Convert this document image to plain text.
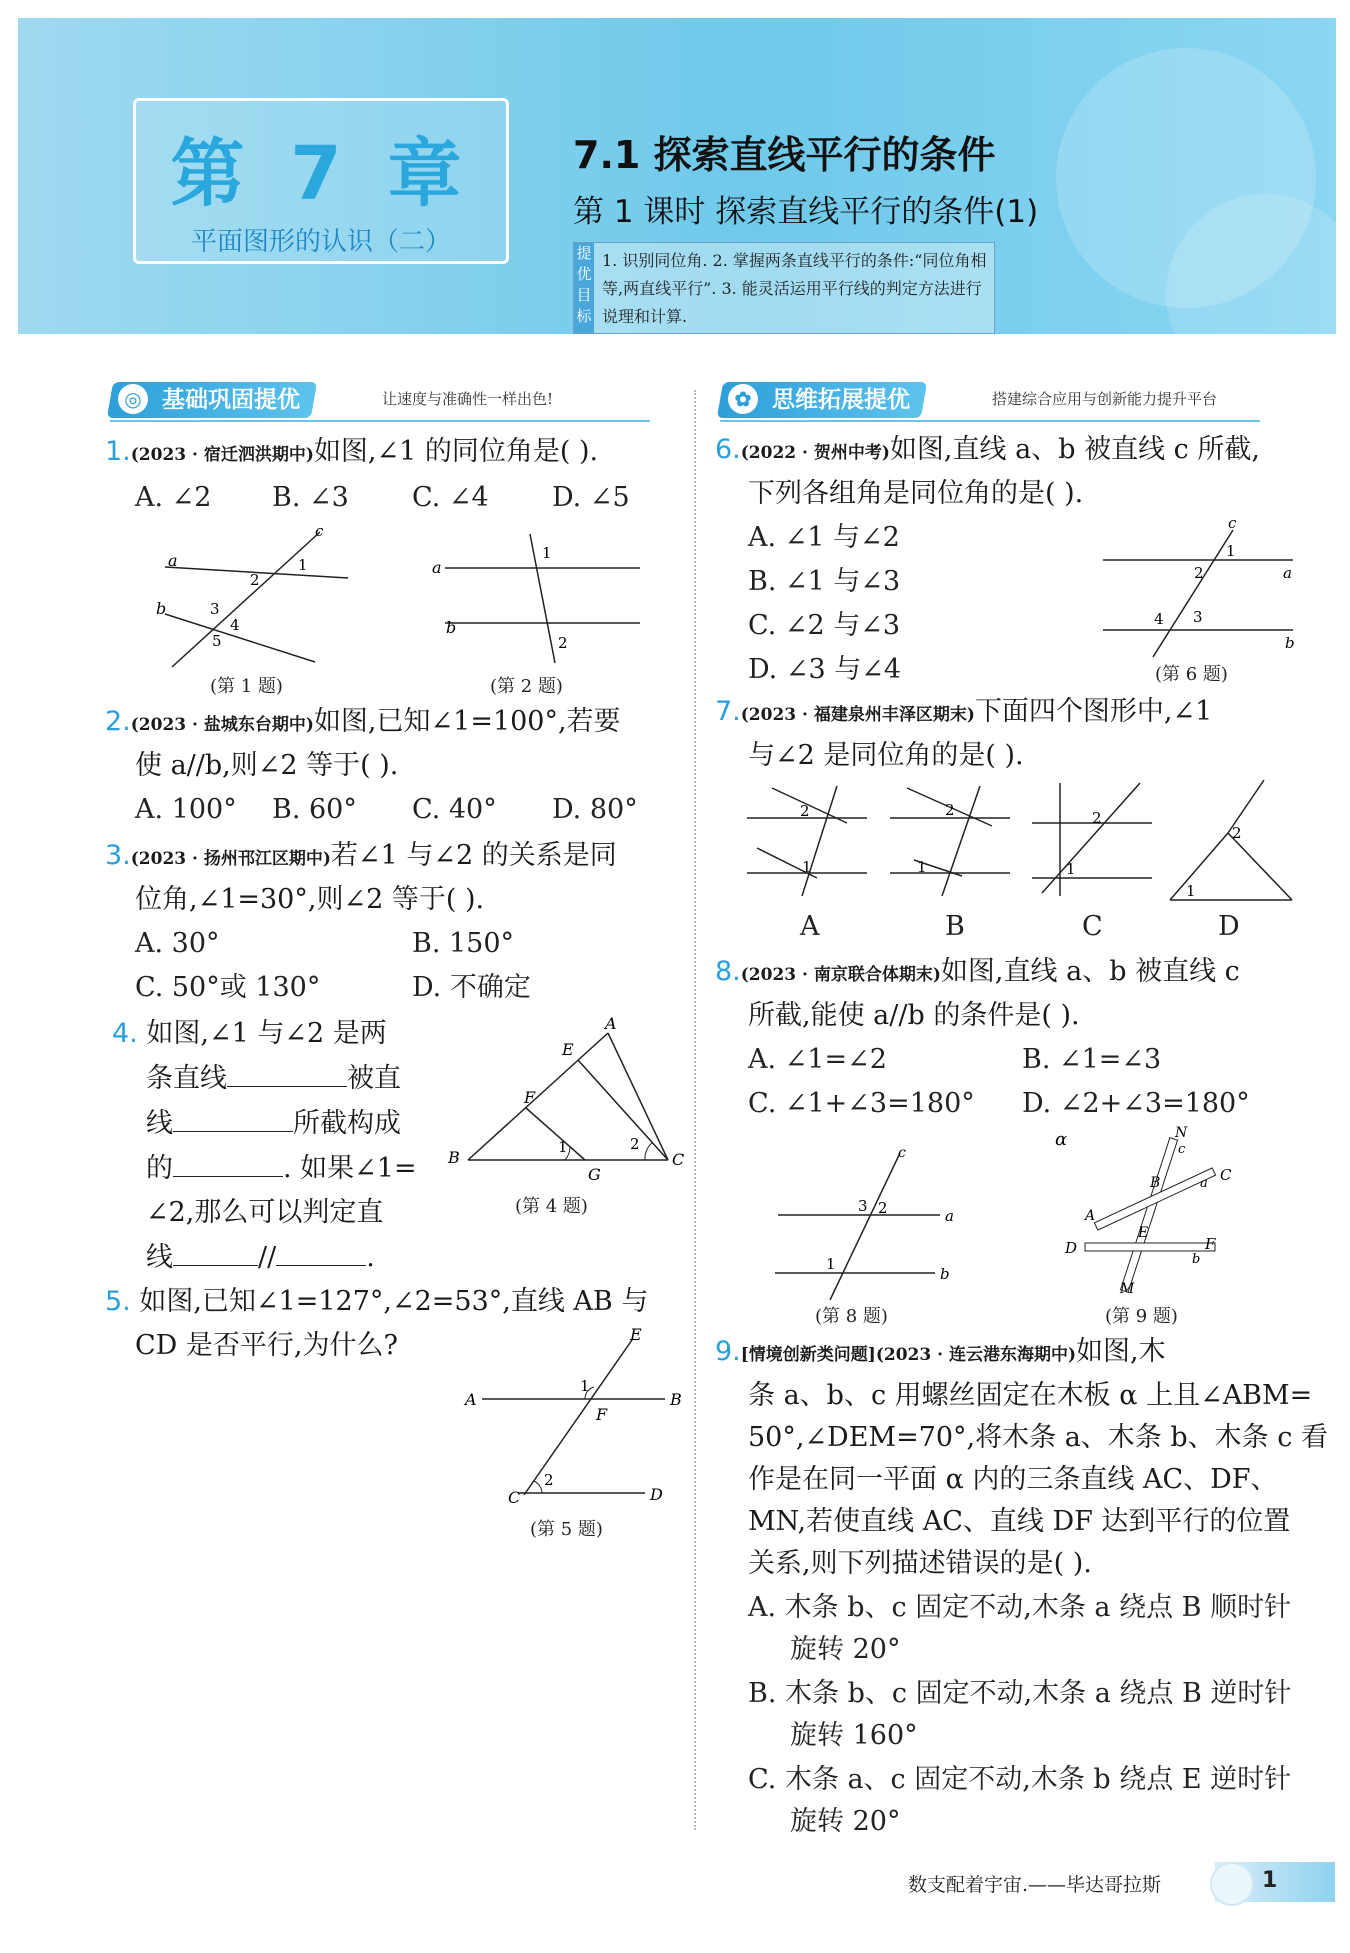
第 7 章
平面图形的认识（二）
7.1 探索直线平行的条件
第 1 课时 探索直线平行的条件(1)
提优目标
1. 识别同位角. 2. 掌握两条直线平行的条件:“同位角相等,两直线平行”. 3. 能灵活运用平行线的判定方法进行说理和计算.
基础巩固提优
◎	让速度与准确性一样出色!	思维拓展提优
✿	搭建综合应用与创新能力提升平台
1.(2023 · 宿迁泗洪期中)如图,∠1 的同位角是( ).
A. ∠2 B. ∠3 C. ∠4 D. ∠5
a
b
c
1
2
3
4
5
(第 1 题)
a
b
1
2
(第 2 题)
2.(2023 · 盐城东台期中)如图,已知∠1=100°,若要
使 a//b,则∠2 等于( ).
A. 100° B. 60° C. 40° D. 80°
3.(2023 · 扬州邗江区期中)若∠1 与∠2 的关系是同
位角,∠1=30°,则∠2 等于( ).
A. 30°	B. 150°
C. 50°或 130°	D. 不确定
4. 如图,∠1 与∠2 是两
条直线	被直
线	所截构成
的	. 如果∠1=
∠2,那么可以判定直
线	//	.
A
E
F
B	C
G
1	2
(第 4 题)
5. 如图,已知∠1=127°,∠2=53°,直线 AB 与
CD 是否平行,为什么?	E
A	B
F
1
C	D
2
(第 5 题)
6.(2022 · 贺州中考)如图,直线 a、b 被直线 c 所截,
下列各组角是同位角的是( ).
A. ∠1 与∠2
B. ∠1 与∠3
C. ∠2 与∠3
D. ∠3 与∠4
c
1
2	a
4 3
b
(第 6 题)
7.(2023 · 福建泉州丰泽区期末)下面四个图形中,∠1
与∠2 是同位角的是( ).
2
1
2
1
2
1
1
2
A	B	C	D
8.(2023 · 南京联合体期末)如图,直线 a、b 被直线 c
所截,能使 a//b 的条件是( ).
A. ∠1=∠2	B. ∠1=∠3
C. ∠1+∠3=180° D. ∠2+∠3=180°
c
3 2	a
1
b
(第 8 题)
α	N
c
B	C
a
A
E
D	F
b
M
(第 9 题)
9.[情境创新类问题](2023 · 连云港东海期中)如图,木
条 a、b、c 用螺丝固定在木板 α 上且∠ABM=
50°,∠DEM=70°,将木条 a、木条 b、木条 c 看
作是在同一平面 α 内的三条直线 AC、DF、
MN,若使直线 AC、直线 DF 达到平行的位置
关系,则下列描述错误的是( ).
A. 木条 b、c 固定不动,木条 a 绕点 B 顺时针
旋转 20°
B. 木条 b、c 固定不动,木条 a 绕点 B 逆时针
旋转 160°
C. 木条 a、c 固定不动,木条 b 绕点 E 逆时针
旋转 20°
数支配着宇宙.——毕达哥拉斯	1
